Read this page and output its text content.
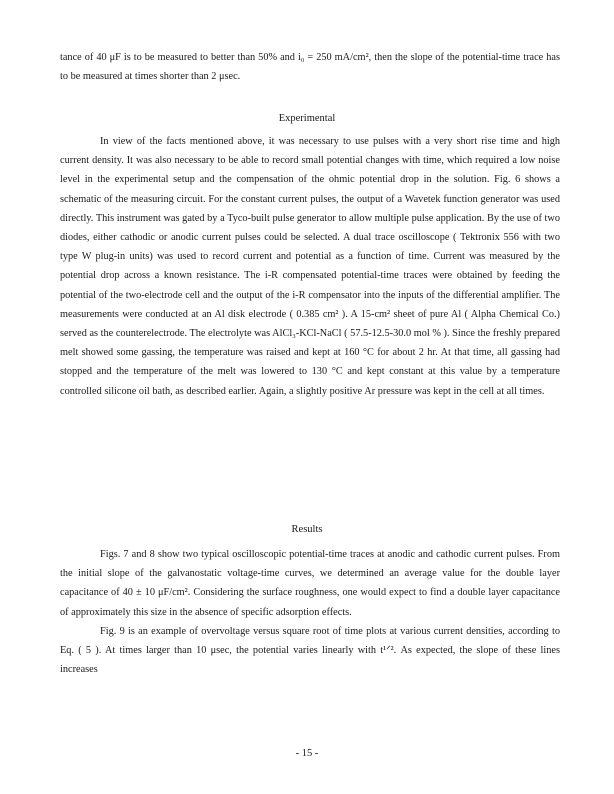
tance of 40 μF is to be measured to better than 50% and i₀ = 250 mA/cm², then the slope of the potential-time trace has to be measured at times shorter than 2 μsec.

Experimental

In view of the facts mentioned above, it was necessary to use pulses with a very short rise time and high current density. It was also necessary to be able to record small potential changes with time, which required a low noise level in the experimental setup and the compensation of the ohmic potential drop in the solution. Fig. 6 shows a schematic of the measuring circuit. For the constant current pulses, the output of a Wavetek function generator was used directly. This instrument was gated by a Tyco-built pulse generator to allow multiple pulse application. By the use of two diodes, either cathodic or anodic current pulses could be selected. A dual trace oscilloscope ( Tektronix 556 with two type W plug-in units) was used to record current and potential as a function of time. Current was measured by the potential drop across a known resistance. The i-R compensated potential-time traces were obtained by feeding the potential of the two-electrode cell and the output of the i-R compensator into the inputs of the differential amplifier. The measurements were conducted at an Al disk electrode ( 0.385 cm² ). A 15-cm² sheet of pure Al ( Alpha Chemical Co.) served as the counterelectrode. The electrolyte was AlCl₃-KCl-NaCl ( 57.5-12.5-30.0 mol % ). Since the freshly prepared melt showed some gassing, the temperature was raised and kept at 160 °C for about 2 hr. At that time, all gassing had stopped and the temperature of the melt was lowered to 130 °C and kept constant at this value by a temperature controlled silicone oil bath, as described earlier. Again, a slightly positive Ar pressure was kept in the cell at all times.

Results

Figs. 7 and 8 show two typical oscilloscopic potential-time traces at anodic and cathodic current pulses. From the initial slope of the galvanostatic voltage-time curves, we determined an average value for the double layer capacitance of 40 ± 10 μF/cm². Considering the surface roughness, one would expect to find a double layer capacitance of approximately this size in the absence of specific adsorption effects.

Fig. 9 is an example of overvoltage versus square root of time plots at various current densities, according to Eq. ( 5 ). At times larger than 10 μsec, the potential varies linearly with t¹ᐟ². As expected, the slope of these lines increases

- 15 -
